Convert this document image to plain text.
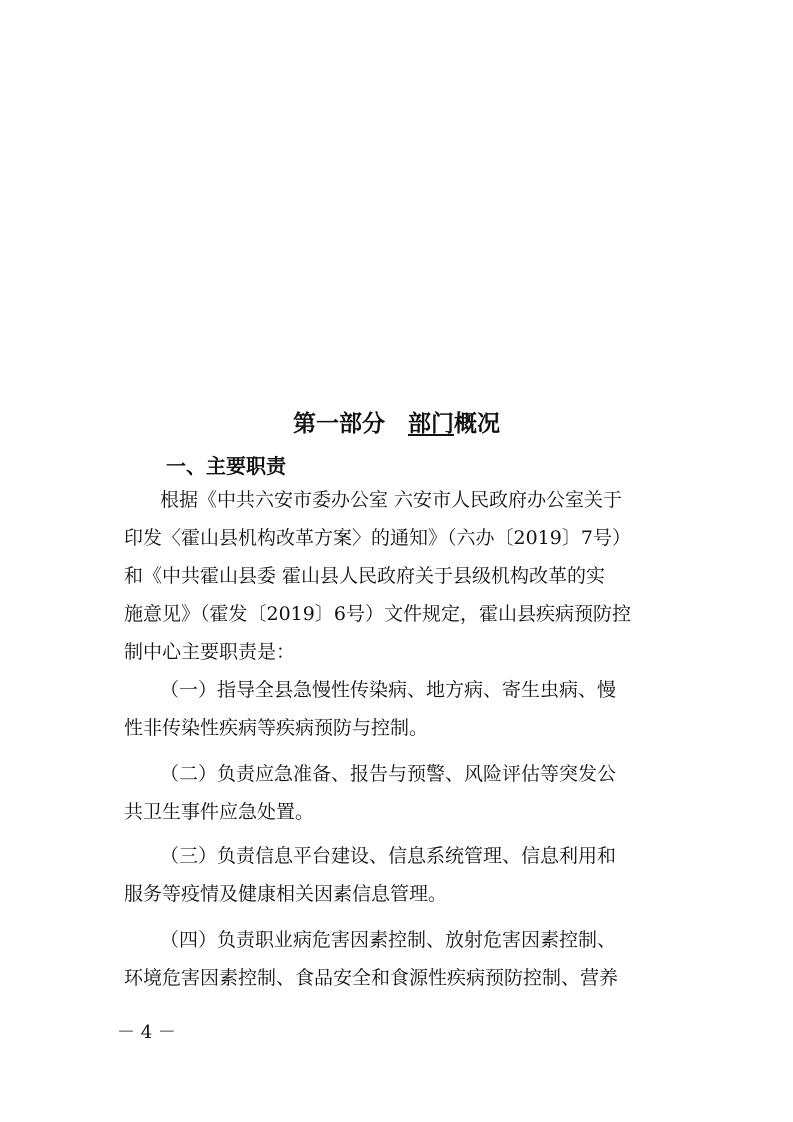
第一部分　部门概况
一、主要职责
根据《中共六安市委办公室 六安市人民政府办公室关于
印发〈霍山县机构改革方案〉的通知》（六办〔2019〕7号）
和《中共霍山县委 霍山县人民政府关于县级机构改革的实
施意见》（霍发〔2019〕6号）文件规定，霍山县疾病预防控
制中心主要职责是：
（一）指导全县急慢性传染病、地方病、寄生虫病、慢
性非传染性疾病等疾病预防与控制。
（二）负责应急准备、报告与预警、风险评估等突发公
共卫生事件应急处置。
（三）负责信息平台建设、信息系统管理、信息利用和
服务等疫情及健康相关因素信息管理。
（四）负责职业病危害因素控制、放射危害因素控制、
环境危害因素控制、食品安全和食源性疾病预防控制、营养
－ 4 －
